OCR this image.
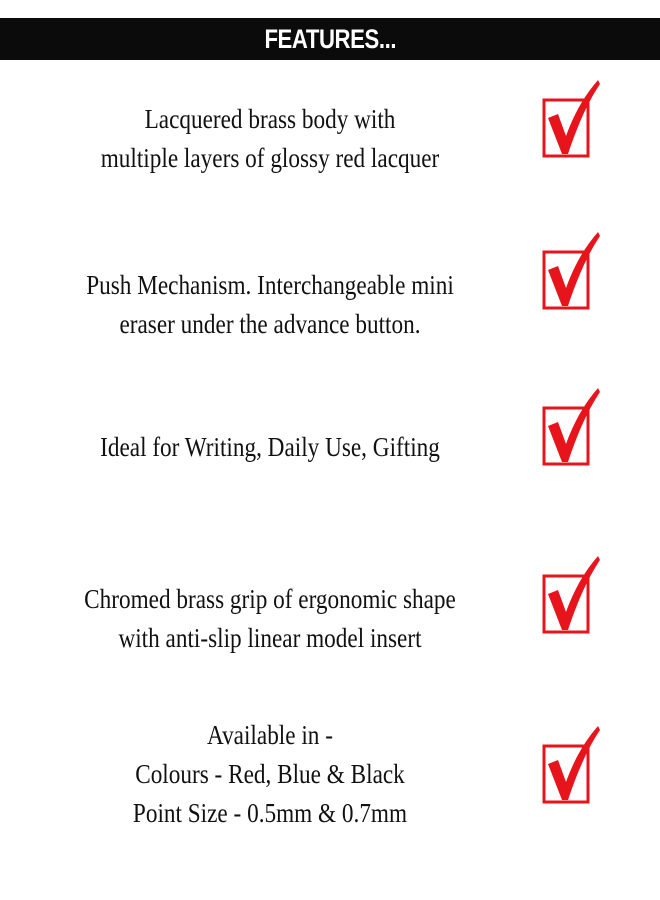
FEATURES...
Lacquered brass body with
multiple layers of glossy red lacquer
Push Mechanism. Interchangeable mini
eraser under the advance button.
Ideal for Writing, Daily Use, Gifting
Chromed brass grip of ergonomic shape
with anti-slip linear model insert
Available in -
Colours - Red, Blue & Black
Point Size - 0.5mm & 0.7mm
